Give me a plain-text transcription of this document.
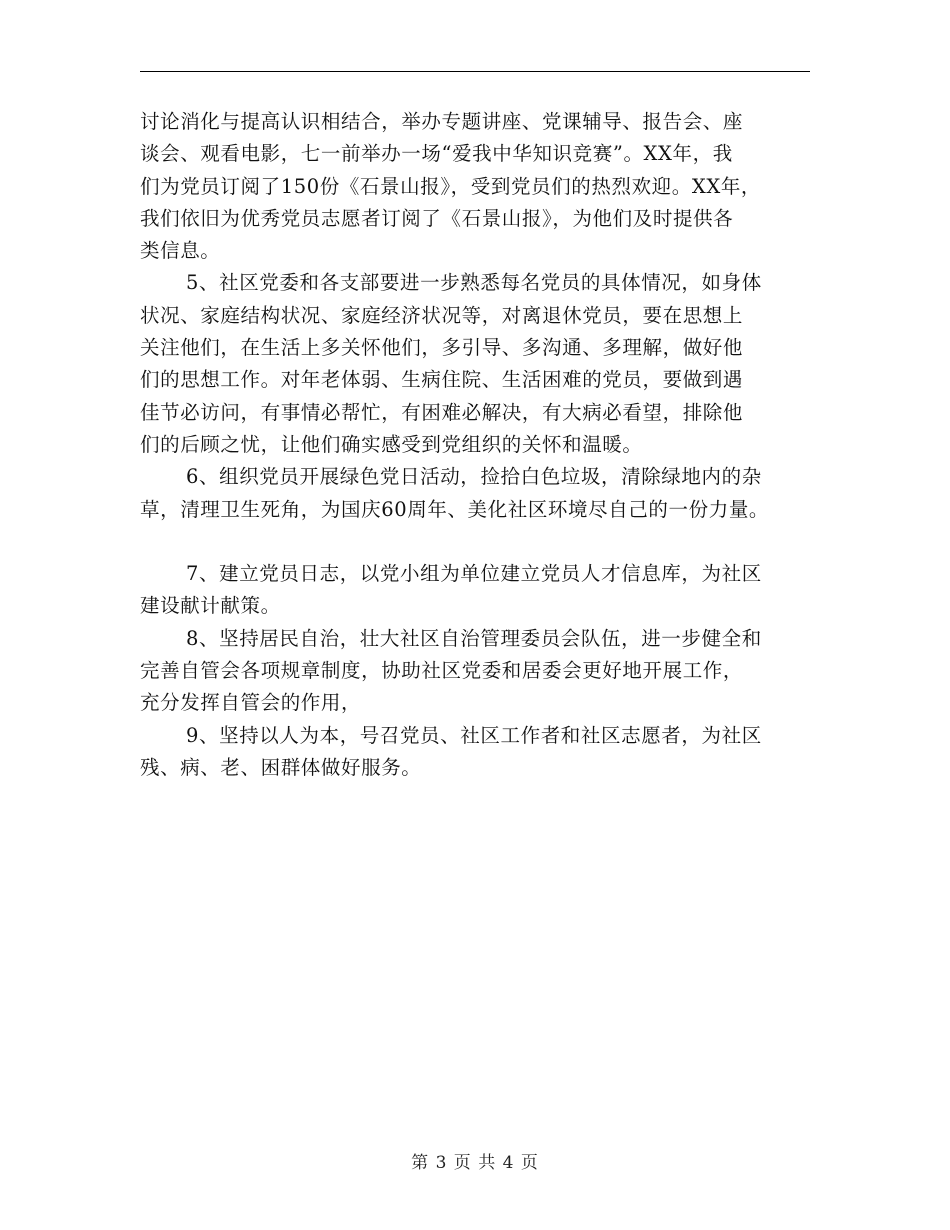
讨论消化与提高认识相结合，举办专题讲座、党课辅导、报告会、座
谈会、观看电影，七一前举办一场“爱我中华知识竞赛”。XX年，我
们为党员订阅了150份《石景山报》，受到党员们的热烈欢迎。XX年，
我们依旧为优秀党员志愿者订阅了《石景山报》，为他们及时提供各
类信息。
5、社区党委和各支部要进一步熟悉每名党员的具体情况，如身体
状况、家庭结构状况、家庭经济状况等，对离退休党员，要在思想上
关注他们，在生活上多关怀他们，多引导、多沟通、多理解，做好他
们的思想工作。对年老体弱、生病住院、生活困难的党员，要做到遇
佳节必访问，有事情必帮忙，有困难必解决，有大病必看望，排除他
们的后顾之忧，让他们确实感受到党组织的关怀和温暖。
6、组织党员开展绿色党日活动，捡拾白色垃圾，清除绿地内的杂
草，清理卫生死角，为国庆60周年、美化社区环境尽自己的一份力量。
7、建立党员日志，以党小组为单位建立党员人才信息库，为社区
建设献计献策。
8、坚持居民自治，壮大社区自治管理委员会队伍，进一步健全和
完善自管会各项规章制度，协助社区党委和居委会更好地开展工作，
充分发挥自管会的作用，
9、坚持以人为本，号召党员、社区工作者和社区志愿者，为社区
残、病、老、困群体做好服务。
第 3 页 共 4 页
